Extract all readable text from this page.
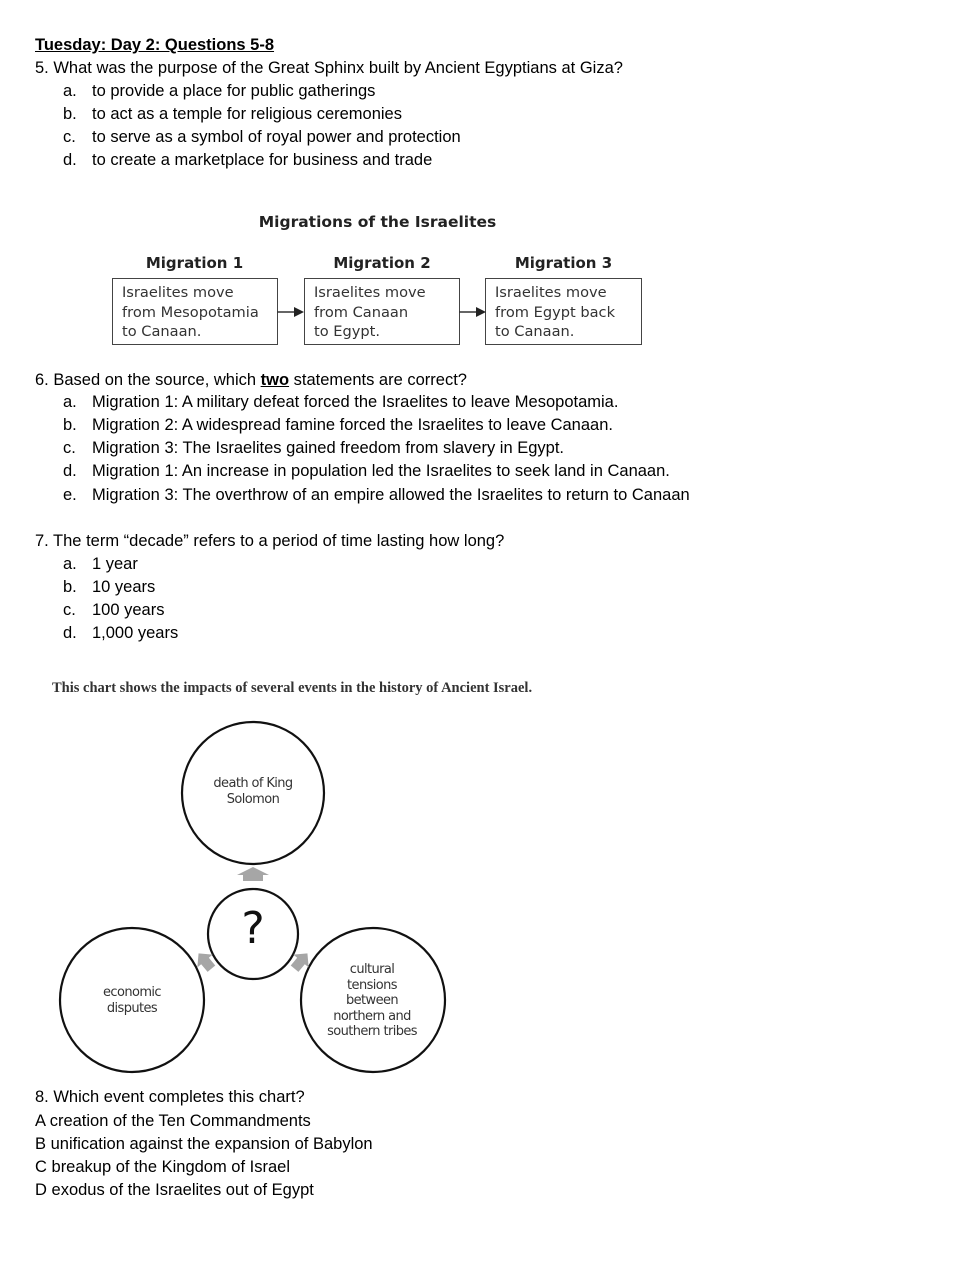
Tuesday: Day 2: Questions 5-8
5. What was the purpose of the Great Sphinx built by Ancient Egyptians at Giza?
a. to provide a place for public gatherings
b. to act as a temple for religious ceremonies
c. to serve as a symbol of royal power and protection
d. to create a marketplace for business and trade
Migrations of the Israelites
Migration 1	Migration 2	Migration 3
Israelites move
from Mesopotamia
to Canaan.
Israelites move
from Canaan
to Egypt.
Israelites move
from Egypt back
to Canaan.
6. Based on the source, which two statements are correct?
a. Migration 1: A military defeat forced the Israelites to leave Mesopotamia.
b. Migration 2: A widespread famine forced the Israelites to leave Canaan.
c. Migration 3: The Israelites gained freedom from slavery in Egypt.
d. Migration 1: An increase in population led the Israelites to seek land in Canaan.
e. Migration 3: The overthrow of an empire allowed the Israelites to return to Canaan
7. The term “decade” refers to a period of time lasting how long?
a. 1 year
b. 10 years
c. 100 years
d. 1,000 years
This chart shows the impacts of several events in the history of Ancient Israel.
?
death of King
Solomon
economic
disputes
cultural
tensions
between
northern and
southern tribes
8. Which event completes this chart?
A creation of the Ten Commandments
B unification against the expansion of Babylon
C breakup of the Kingdom of Israel
D exodus of the Israelites out of Egypt
